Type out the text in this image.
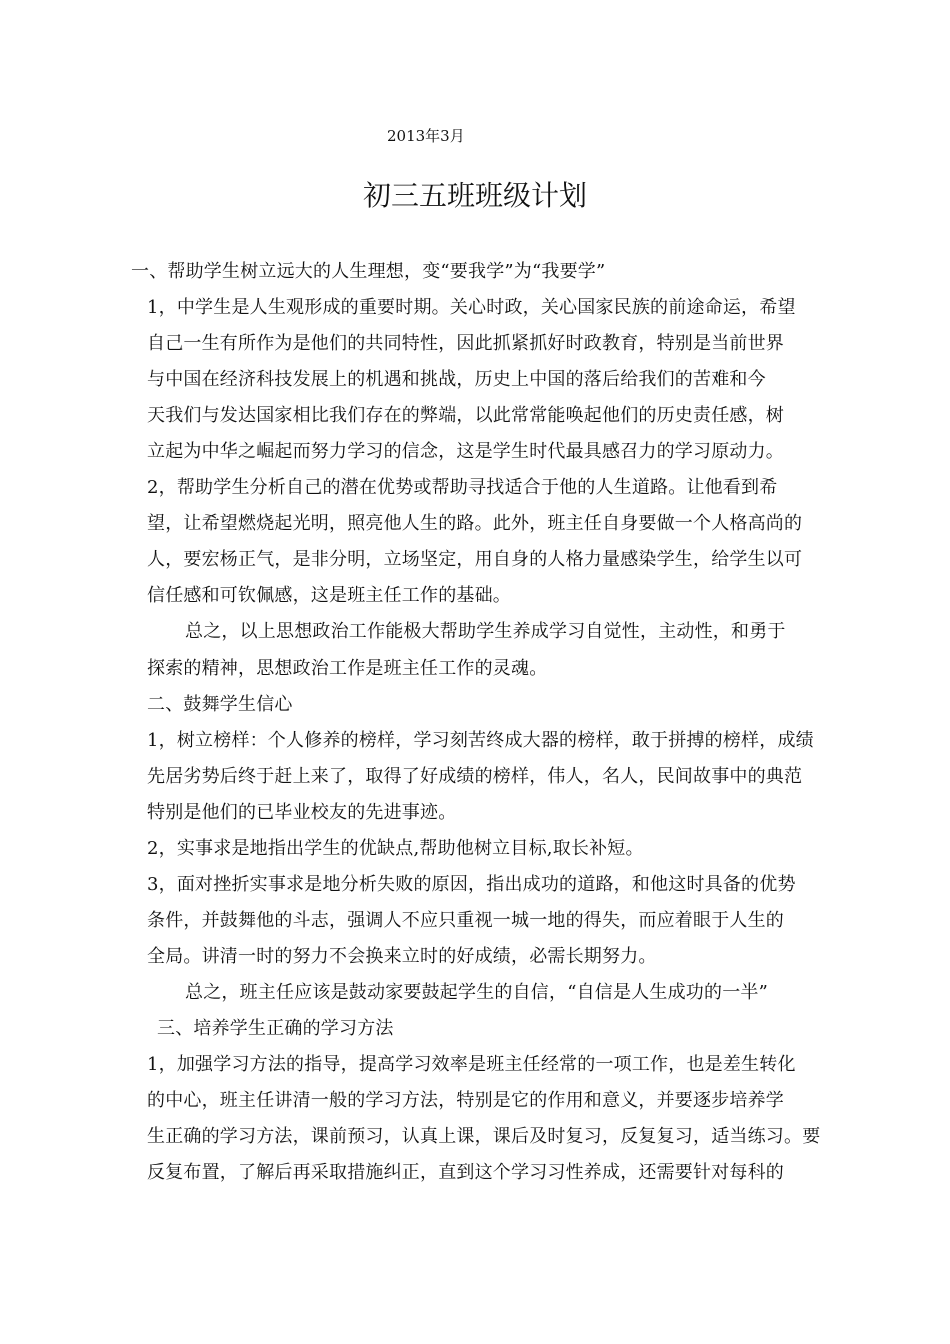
2013年3月
初三五班班级计划
一、帮助学生树立远大的人生理想，变“要我学”为“我要学”
1，中学生是人生观形成的重要时期。关心时政，关心国家民族的前途命运，希望
自己一生有所作为是他们的共同特性，因此抓紧抓好时政教育，特别是当前世界
与中国在经济科技发展上的机遇和挑战，历史上中国的落后给我们的苦难和今
天我们与发达国家相比我们存在的弊端，以此常常能唤起他们的历史责任感，树
立起为中华之崛起而努力学习的信念，这是学生时代最具感召力的学习原动力。
2，帮助学生分析自己的潜在优势或帮助寻找适合于他的人生道路。让他看到希
望，让希望燃烧起光明，照亮他人生的路。此外，班主任自身要做一个人格高尚的
人，要宏杨正气，是非分明，立场坚定，用自身的人格力量感染学生，给学生以可
信任感和可钦佩感，这是班主任工作的基础。
总之，以上思想政治工作能极大帮助学生养成学习自觉性，主动性，和勇于
探索的精神，思想政治工作是班主任工作的灵魂。
二、鼓舞学生信心
1，树立榜样：个人修养的榜样，学习刻苦终成大器的榜样，敢于拼搏的榜样，成绩
先居劣势后终于赶上来了，取得了好成绩的榜样，伟人，名人，民间故事中的典范
特别是他们的已毕业校友的先进事迹。
2，实事求是地指出学生的优缺点,帮助他树立目标,取长补短。
3，面对挫折实事求是地分析失败的原因，指出成功的道路，和他这时具备的优势
条件，并鼓舞他的斗志，强调人不应只重视一城一地的得失，而应着眼于人生的
全局。讲清一时的努力不会换来立时的好成绩，必需长期努力。
总之，班主任应该是鼓动家要鼓起学生的自信，“自信是人生成功的一半”
三、培养学生正确的学习方法
1，加强学习方法的指导，提高学习效率是班主任经常的一项工作，也是差生转化
的中心，班主任讲清一般的学习方法，特别是它的作用和意义，并要逐步培养学
生正确的学习方法，课前预习，认真上课，课后及时复习，反复复习，适当练习。要
反复布置，了解后再采取措施纠正，直到这个学习习性养成，还需要针对每科的
